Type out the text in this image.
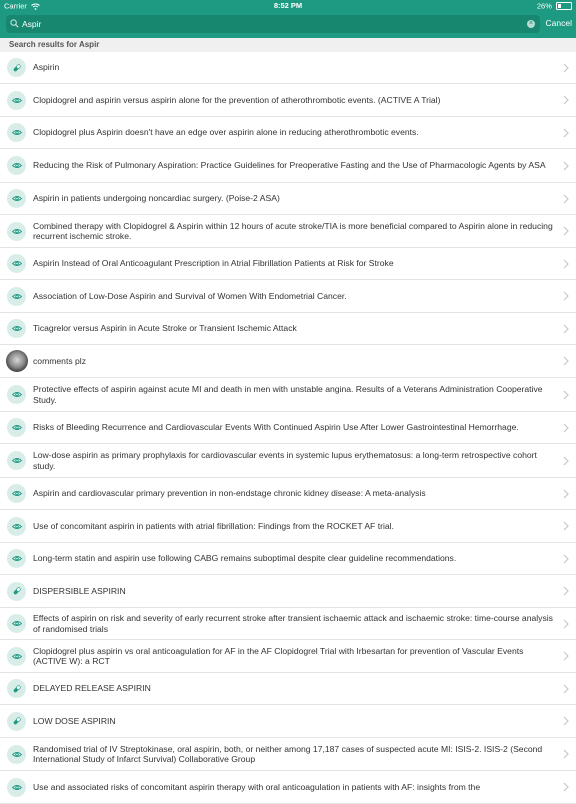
Carrier	8:52 PM	26%
Aspir
× Cancel
Search results for Aspir
Aspirin
Clopidogrel and aspirin versus aspirin alone for the prevention of atherothrombotic events. (ACTIVE A Trial)
Clopidogrel plus Aspirin doesn't have an edge over aspirin alone in reducing atherothrombotic events.
Reducing the Risk of Pulmonary Aspiration: Practice Guidelines for Preoperative Fasting and the Use of Pharmacologic Agents by ASA
Aspirin in patients undergoing noncardiac surgery. (Poise-2 ASA)
Combined therapy with Clopidogrel & Aspirin within 12 hours of acute stroke/TIA is more beneficial compared to Aspirin alone in reducing recurrent ischemic stroke.
Aspirin Instead of Oral Anticoagulant Prescription in Atrial Fibrillation Patients at Risk for Stroke
Association of Low-Dose Aspirin and Survival of Women With Endometrial Cancer.
Ticagrelor versus Aspirin in Acute Stroke or Transient Ischemic Attack
comments plz
Protective effects of aspirin against acute MI and death in men with unstable angina. Results of a Veterans Administration Cooperative Study.
Risks of Bleeding Recurrence and Cardiovascular Events With Continued Aspirin Use After Lower Gastrointestinal Hemorrhage.
Low-dose aspirin as primary prophylaxis for cardiovascular events in systemic lupus erythematosus: a long-term retrospective cohort study.
Aspirin and cardiovascular primary prevention in non-endstage chronic kidney disease: A meta-analysis
Use of concomitant aspirin in patients with atrial fibrillation: Findings from the ROCKET AF trial.
Long-term statin and aspirin use following CABG remains suboptimal despite clear guideline recommendations.
DISPERSIBLE ASPIRIN
Effects of aspirin on risk and severity of early recurrent stroke after transient ischaemic attack and ischaemic stroke: time-course analysis of randomised trials
Clopidogrel plus aspirin vs oral anticoagulation for AF in the AF Clopidogrel Trial with Irbesartan for prevention of Vascular Events (ACTIVE W): a RCT
DELAYED RELEASE ASPIRIN
LOW DOSE ASPIRIN
Randomised trial of IV Streptokinase, oral aspirin, both, or neither among 17,187 cases of suspected acute MI: ISIS-2. ISIS-2 (Second International Study of Infarct Survival) Collaborative Group
Use and associated risks of concomitant aspirin therapy with oral anticoagulation in patients with AF: insights from the
